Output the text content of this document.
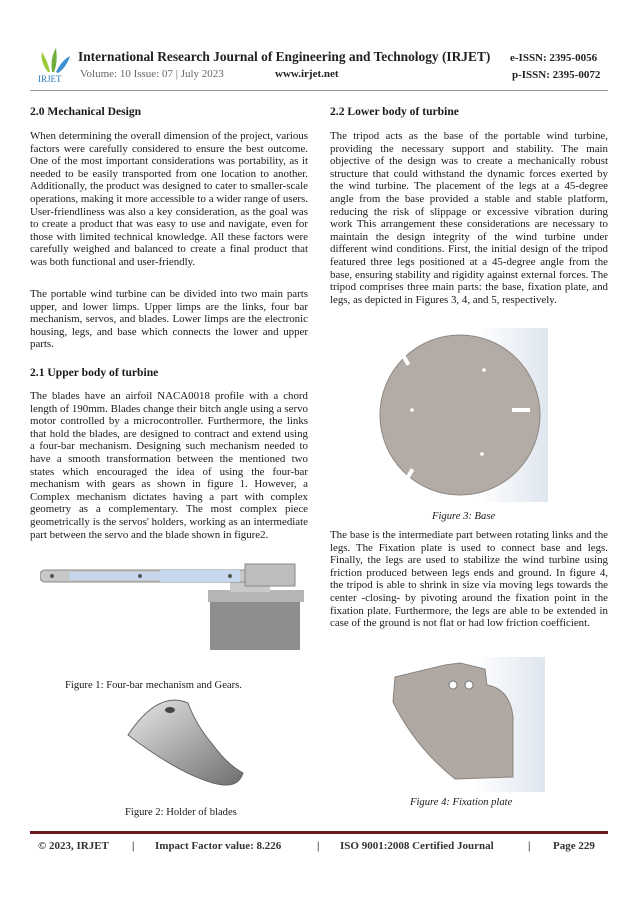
IRJET
International Research Journal of Engineering and Technology (IRJET)
Volume: 10 Issue: 07 | July 2023	www.irjet.net
e-ISSN: 2395-0056
p-ISSN: 2395-0072
2.0 Mechanical Design
When determining the overall dimension of the project, various factors were carefully considered to ensure the best outcome. One of the most important considerations was portability, as it needed to be easily transported from one location to another. Additionally, the product was designed to cater to smaller-scale operations, making it more accessible to a wider range of users. User-friendliness was also a key consideration, as the goal was to create a product that was easy to use and navigate, even for those with limited technical knowledge. All these factors were carefully weighed and balanced to create a final product that was both functional and user-friendly.
The portable wind turbine can be divided into two main parts upper, and lower limps. Upper limps are the links, four bar mechanism, servos, and blades. Lower limps are the electronic housing, legs, and base which connects the lower and upper parts.
2.1 Upper body of turbine
The blades have an airfoil NACA0018 profile with a chord length of 190mm. Blades change their bitch angle using a servo motor controlled by a microcontroller. Furthermore, the links that hold the blades, are designed to contract and extend using a four-bar mechanism. Designing such mechanism needed to have a smooth transformation between the mentioned two states which encouraged the idea of using the four-bar mechanism with gears as shown in figure 1. However, a Complex mechanism dictates having a part with complex geometry as a complementary. The most complex piece geometrically is the servos' holders, working as an intermediate part between the servo and the blade shown in figure2.
Figure 1: Four-bar mechanism and Gears.
Figure 2: Holder of blades
2.2 Lower body of turbine
The tripod acts as the base of the portable wind turbine, providing the necessary support and stability. The main objective of the design was to create a mechanically robust structure that could withstand the dynamic forces exerted by the wind turbine. The placement of the legs at a 45-degree angle from the base provided a stable and stable platform, reducing the risk of slippage or excessive vibration during work This arrangement these considerations are necessary to maintain the design integrity of the wind turbine under different wind conditions. First, the initial design of the tripod featured three legs positioned at a 45-degree angle from the base, ensuring stability and rigidity against external forces. The tripod comprises three main parts: the base, fixation plate, and legs, as depicted in Figures 3, 4, and 5, respectively.
Figure 3: Base
The base is the intermediate part between rotating links and the legs. The Fixation plate is used to connect base and legs. Finally, the legs are used to stabilize the wind turbine using friction produced between legs ends and ground. In figure 4, the tripod is able to shrink in size via moving legs towards the center -closing- by pivoting around the fixation point in the fixation plate. Furthermore, the legs are able to be extended in case of the ground is not flat or had low friction coefficient.
Figure 4: Fixation plate
© 2023, IRJET | Impact Factor value: 8.226	| ISO 9001:2008 Certified Journal	| Page 229
